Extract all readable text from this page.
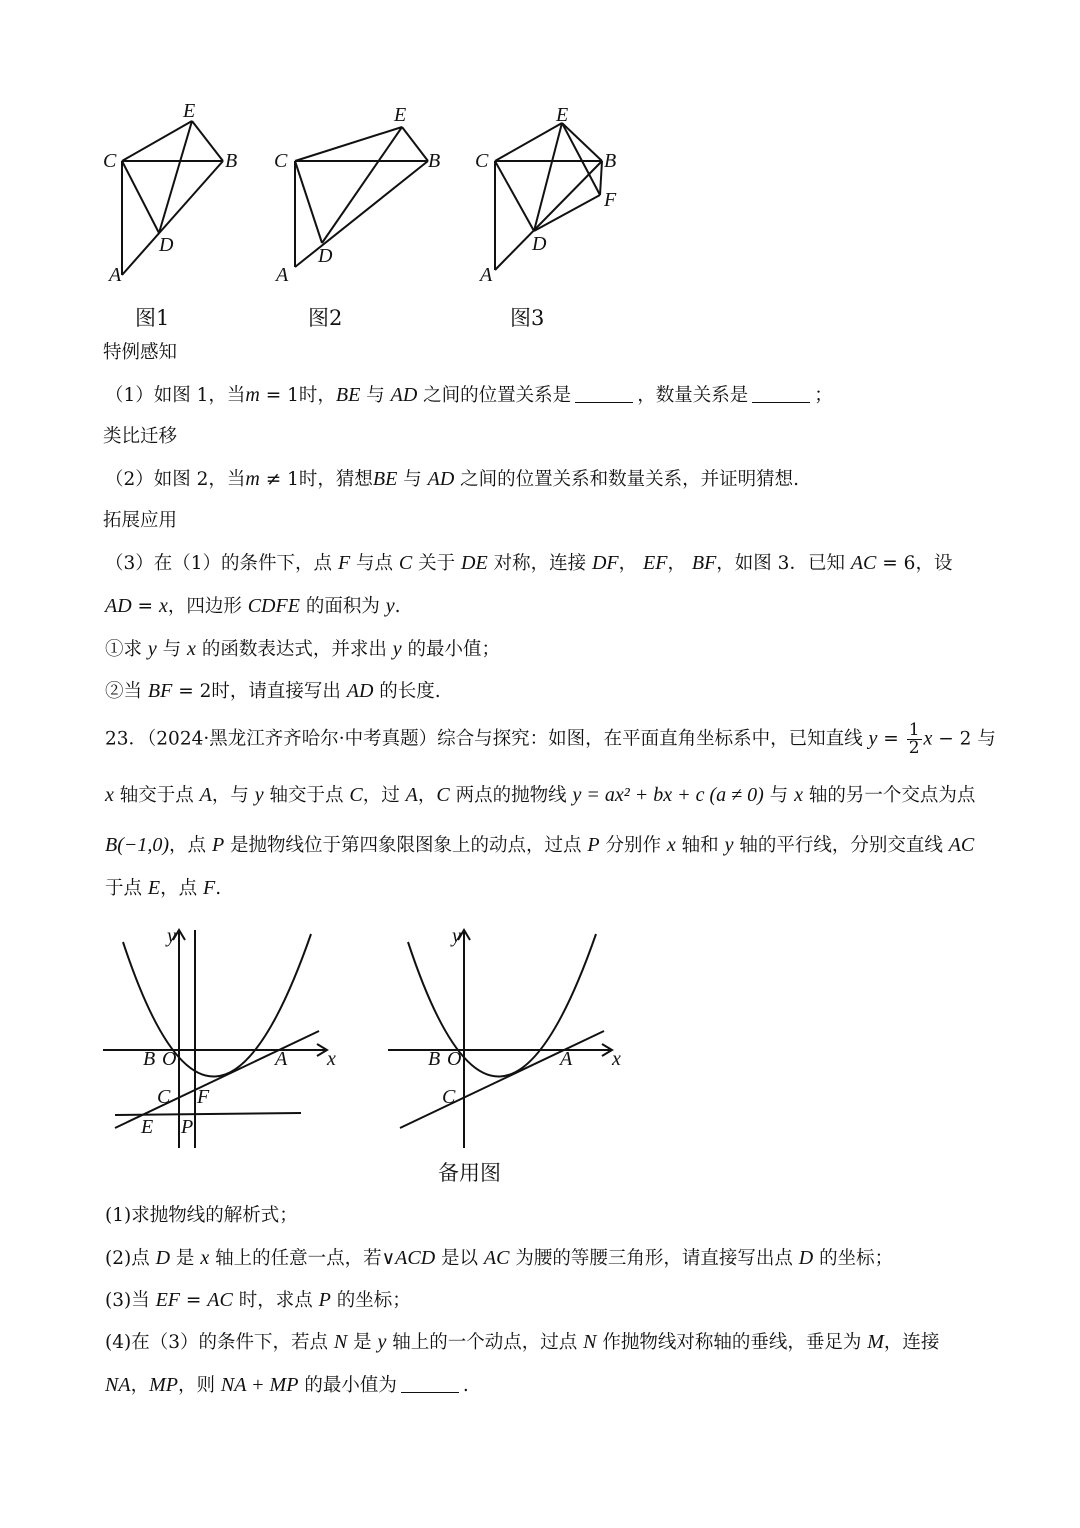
E
C	B
D
A
图1
E
C	B
D
A
图2
E
C	B
F
D
A
图3
特例感知
（1）如图 1，当m = 1时，BE 与 AD 之间的位置关系是	，数量关系是	；
类比迁移
（2）如图 2，当m ≠ 1时，猜想BE 与 AD 之间的位置关系和数量关系，并证明猜想.
拓展应用
（3）在（1）的条件下，点 F 与点 C 关于 DE 对称，连接 DF， EF， BF，如图 3．已知 AC = 6，设
AD = x，四边形 CDFE 的面积为 y.
①求 y 与 x 的函数表达式，并求出 y 的最小值；
②当 BF = 2时，请直接写出 AD 的长度.
23．（2024·黑龙江齐齐哈尔·中考真题）综合与探究：如图，在平面直角坐标系中，已知直线 $y = \frac{1}{2}$ x − 2 与
x 轴交于点 A，与 y 轴交于点 C，过 A，C 两点的抛物线 y = ax² + bx + c (a ≠ 0) 与 x 轴的另一个交点为点
B(−1,0)，点 P 是抛物线位于第四象限图象上的动点，过点 P 分别作 x 轴和 y 轴的平行线，分别交直线 AC
于点 E，点 F.
y
x
B O	A
C F
E P
y
x
B O	A
C
备用图
(1)求抛物线的解析式；
(2)点 D 是 x 轴上的任意一点，若∨ACD 是以 AC 为腰的等腰三角形，请直接写出点 D 的坐标；
(3)当 EF = AC 时，求点 P 的坐标；
(4)在（3）的条件下，若点 N 是 y 轴上的一个动点，过点 N 作抛物线对称轴的垂线，垂足为 M，连接
NA，MP，则 NA + MP 的最小值为	.
